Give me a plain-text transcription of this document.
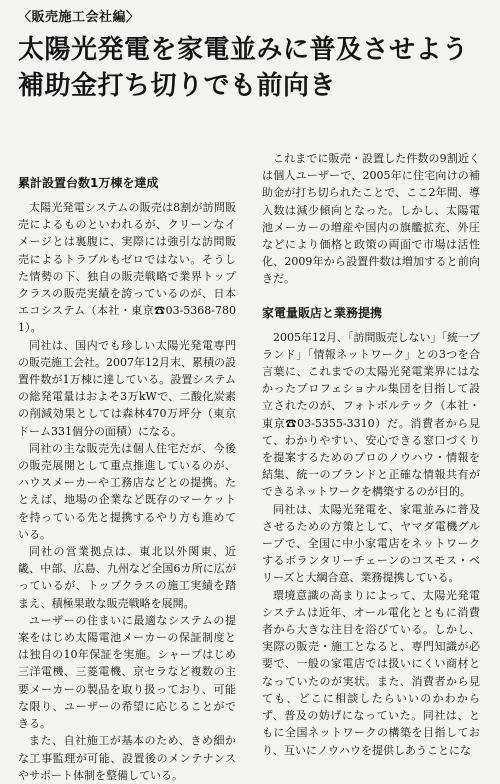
〈販売施工会社編〉
太陽光発電を家電並みに普及させよう
補助金打ち切りでも前向き
累計設置台数1万棟を達成

太陽光発電システムの販売は8割が訪問販売によるものといわれるが、クリーンなイメージとは裏腹に、実際には強引な訪問販売によるトラブルもゼロではない。そうした情勢の下、独自の販売戦略で業界トップクラスの販売実績を誇っているのが、日本エコシステム（本社・東京☎03-5368-7801）。

同社は、国内でも珍しい太陽光発電専門の販売施工会社。2007年12月末、累積の設置件数が1万棟に達している。設置システムの総発電量はおよそ3万kWで、二酸化炭素の削減効果としては森林470万坪分（東京ドーム331個分の面積）になる。

同社の主な販売先は個人住宅だが、今後の販売展開として重点推進しているのが、ハウスメーカーや工務店などとの提携。たとえば、地場の企業など既存のマーケットを持っている先と提携するやり方も進めている。

同社の営業拠点は、東北以外関東、近畿、中部、広島、九州など全国6カ所に広がっているが、トップクラスの施工実績を踏まえ、積極果敢な販売戦略を展開。

ユーザーの住まいに最適なシステムの提案をはじめ太陽電池メーカーの保証制度とは独自の10年保証を実施。シャープはじめ三洋電機、三菱電機、京セラなど複数の主要メーカーの製品を取り扱っており、可能な限り、ユーザーの希望に応じることができる。

また、自社施工が基本のため、きめ細かな工事監理が可能、設置後のメンテナンスやサポート体制を整備している。

これまでに販売・設置した件数の9割近くは個人ユーザーで、2005年に住宅向けの補助金が打ち切られたことで、ここ2年間、導入数は減少傾向となった。しかし、太陽電池メーカーの増産や国内の旗艦拡充、外圧などにより価格と政策の両面で市場は活性化、2009年から設置件数は増加すると前向きだ。

家電量販店と業務提携

2005年12月、「訪問販売しない」「統一ブランド」「情報ネットワーク」との3つを合言葉に、これまでの太陽光発電業界にはなかったプロフェショナル集団を目指して設立されたのが、フォトボルテック（本社・東京☎03-5355-3310）だ。消費者から見て、わかりやすい、安心できる窓口づくりを提案するためのプロのノウハウ・情報を結集、統一のブランドと正確な情報共有ができるネットワークを構築するのが目的。

同社は、太陽光発電を、家電並みに普及させるための方策として、ヤマダ電機グループで、全国に中小家電店をネットワークするボランタリーチェーンのコスモス・ベリーズと大綱合意、業務提携している。

環境意識の高まりによって、太陽光発電システムは近年、オール電化とともに消費者から大きな注目を浴びている。しかし、実際の販売・施工となると、専門知識が必要で、一般の家電店では扱いにくい商材となっていたのが実状。また、消費者から見ても、どこに相談したらいいのかわからず、普及の妨げになっていた。同社は、ともに全国ネットワークの構築を目指しており、互いにノウハウを提供しあうことにな
